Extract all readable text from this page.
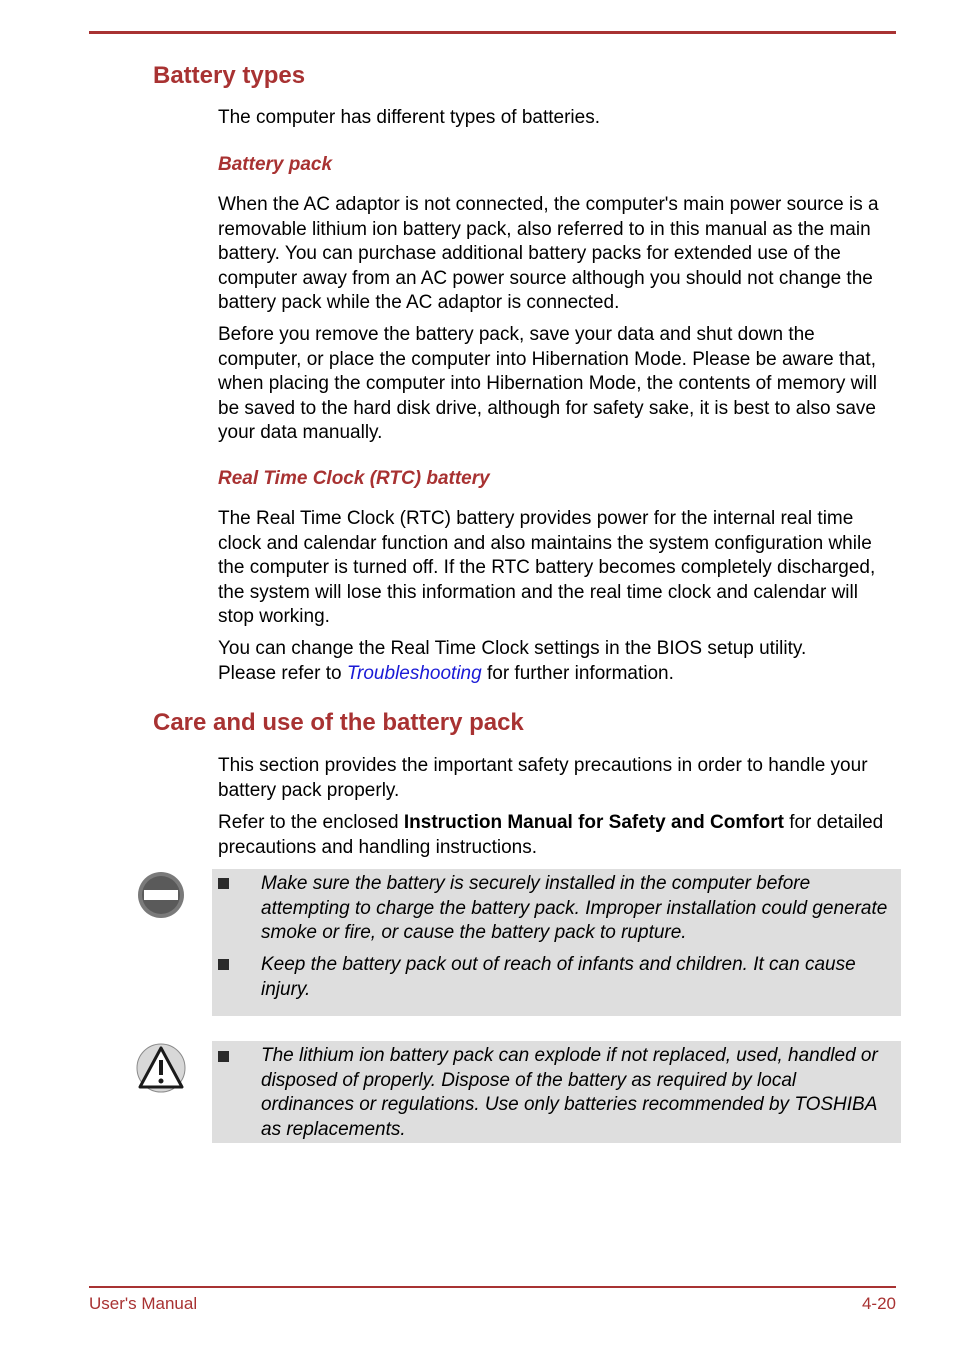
Battery types

The computer has different types of batteries.

Battery pack

When the AC adaptor is not connected, the computer's main power source is a removable lithium ion battery pack, also referred to in this manual as the main battery. You can purchase additional battery packs for extended use of the computer away from an AC power source although you should not change the battery pack while the AC adaptor is connected.

Before you remove the battery pack, save your data and shut down the computer, or place the computer into Hibernation Mode. Please be aware that, when placing the computer into Hibernation Mode, the contents of memory will be saved to the hard disk drive, although for safety sake, it is best to also save your data manually.

Real Time Clock (RTC) battery

The Real Time Clock (RTC) battery provides power for the internal real time clock and calendar function and also maintains the system configuration while the computer is turned off. If the RTC battery becomes completely discharged, the system will lose this information and the real time clock and calendar will stop working.

You can change the Real Time Clock settings in the BIOS setup utility.
Please refer to Troubleshooting for further information.

Care and use of the battery pack

This section provides the important safety precautions in order to handle your battery pack properly.

Refer to the enclosed Instruction Manual for Safety and Comfort for detailed precautions and handling instructions.

Make sure the battery is securely installed in the computer before attempting to charge the battery pack. Improper installation could generate smoke or fire, or cause the battery pack to rupture.
Keep the battery pack out of reach of infants and children. It can cause injury.
The lithium ion battery pack can explode if not replaced, used, handled or disposed of properly. Dispose of the battery as required by local ordinances or regulations. Use only batteries recommended by TOSHIBA as replacements.
User's Manual	4-20
